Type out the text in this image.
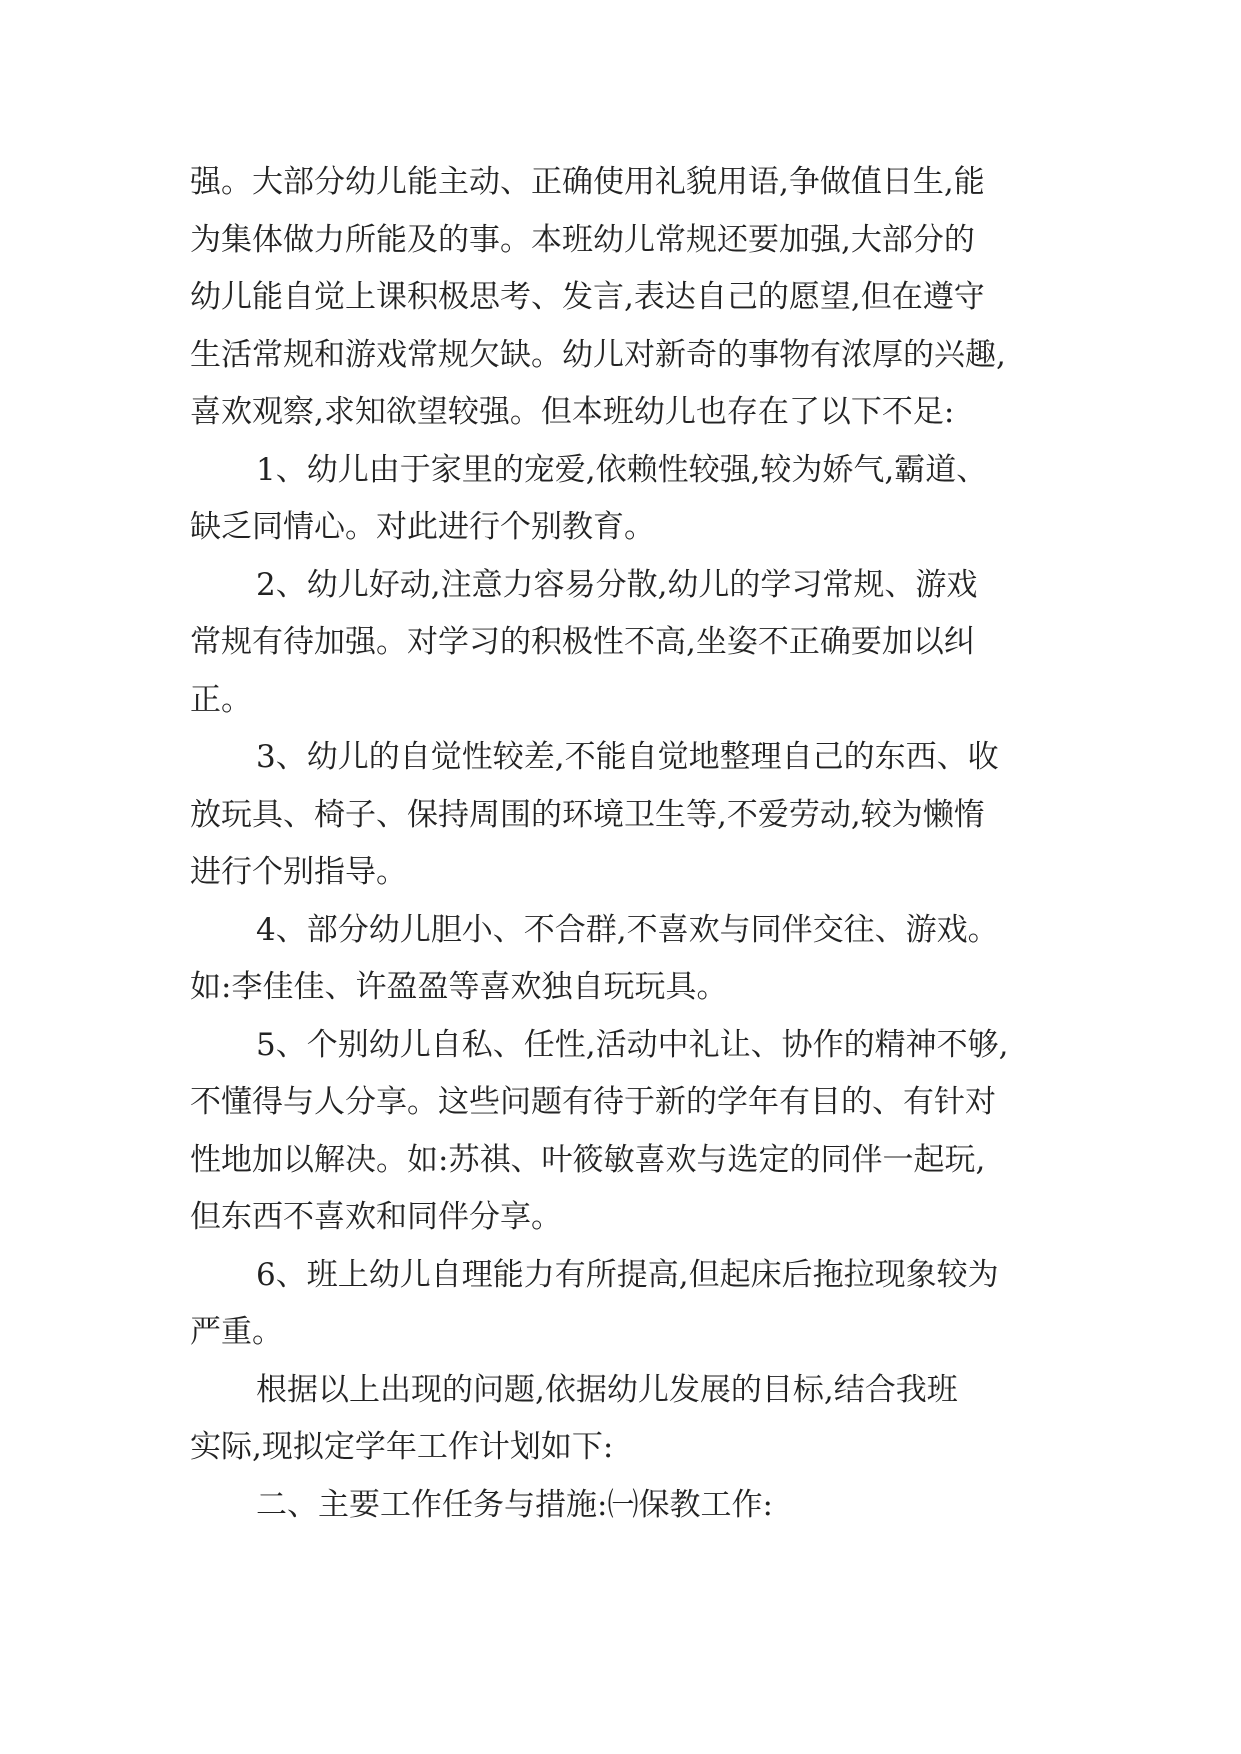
强。大部分幼儿能主动、正确使用礼貌用语,争做值日生,能
为集体做力所能及的事。本班幼儿常规还要加强,大部分的
幼儿能自觉上课积极思考、发言,表达自己的愿望,但在遵守
生活常规和游戏常规欠缺。幼儿对新奇的事物有浓厚的兴趣,
喜欢观察,求知欲望较强。但本班幼儿也存在了以下不足:
1、幼儿由于家里的宠爱,依赖性较强,较为娇气,霸道、
缺乏同情心。对此进行个别教育。
2、幼儿好动,注意力容易分散,幼儿的学习常规、游戏
常规有待加强。对学习的积极性不高,坐姿不正确要加以纠
正。
3、幼儿的自觉性较差,不能自觉地整理自己的东西、收
放玩具、椅子、保持周围的环境卫生等,不爱劳动,较为懒惰
进行个别指导。
4、部分幼儿胆小、不合群,不喜欢与同伴交往、游戏。
如:李佳佳、许盈盈等喜欢独自玩玩具。
5、个别幼儿自私、任性,活动中礼让、协作的精神不够,
不懂得与人分享。这些问题有待于新的学年有目的、有针对
性地加以解决。如:苏祺、叶筱敏喜欢与选定的同伴一起玩,
但东西不喜欢和同伴分享。
6、班上幼儿自理能力有所提高,但起床后拖拉现象较为
严重。
根据以上出现的问题,依据幼儿发展的目标,结合我班
实际,现拟定学年工作计划如下:
二、主要工作任务与措施:㈠保教工作:
